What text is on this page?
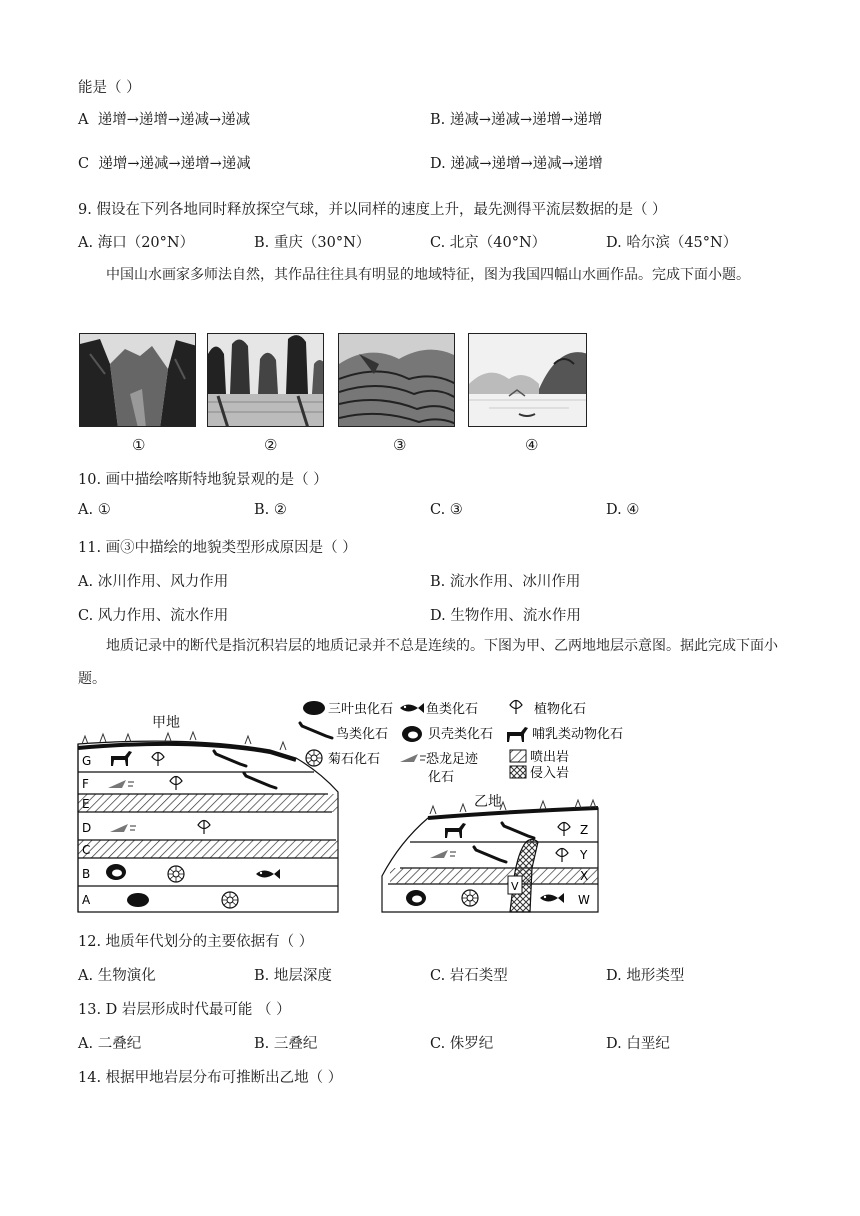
能是（ ）
A 递增→递增→递减→递减	B. 递减→递减→递增→递增
C 递增→递减→递增→递减	D. 递减→递增→递减→递增
9. 假设在下列各地同时释放探空气球，并以同样的速度上升，最先测得平流层数据的是（ ）
A. 海口（20°N）	B. 重庆（30°N）	C. 北京（40°N）	D. 哈尔滨（45°N）
中国山水画家多师法自然，其作品往往具有明显的地域特征，图为我国四幅山水画作品。完成下面小题。
①	②	③	④
10. 画中描绘喀斯特地貌景观的是（ ）
A. ①	B. ②	C. ③	D. ④
11. 画③中描绘的地貌类型形成原因是（ ）
A. 冰川作用、风力作用	B. 流水作用、冰川作用
C. 风力作用、流水作用	D. 生物作用、流水作用
地质记录中的断代是指沉积岩层的地质记录并不总是连续的。下图为甲、乙两地地层示意图。据此完成下面小题。
甲地
G
F
E
D
C
B
A
乙地
V
Z
Y
X
W
三叶虫化石	鱼类化石	植物化石
鸟类化石	贝壳类化石	哺乳类动物化石
菊石化石	恐龙足迹
化石
喷出岩
侵入岩
12. 地质年代划分的主要依据有（ ）
A. 生物演化	B. 地层深度	C. 岩石类型	D. 地形类型
13. D 岩层形成时代最可能 （ ）
A. 二叠纪	B. 三叠纪	C. 侏罗纪	D. 白垩纪
14. 根据甲地岩层分布可推断出乙地（ ）
